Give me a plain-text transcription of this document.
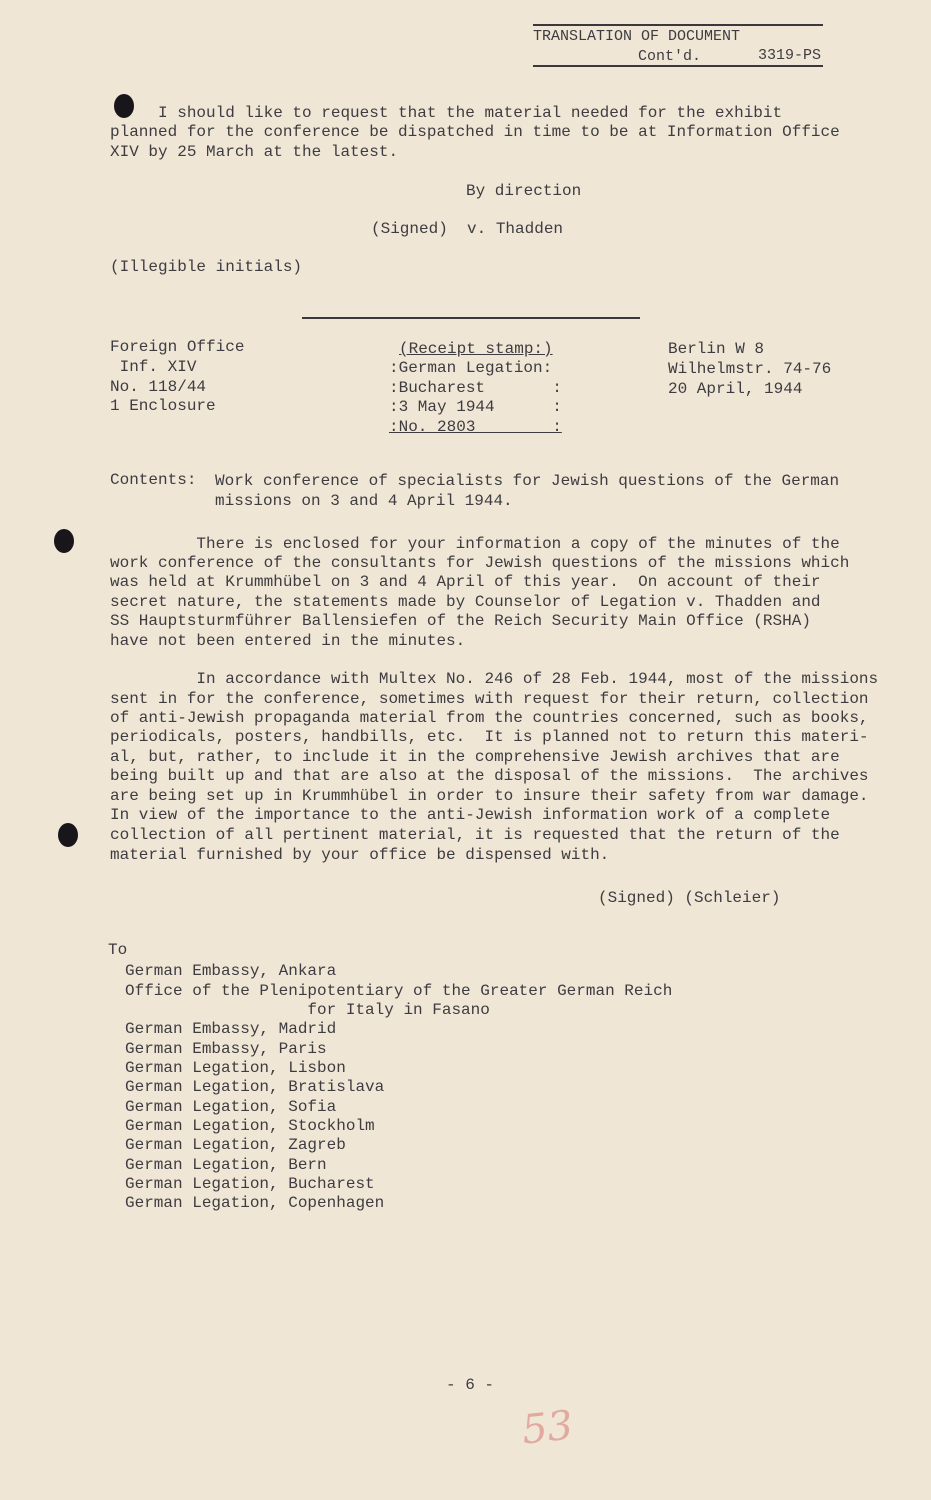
TRANSLATION OF DOCUMENT
Cont'd.	3319-PS
I should like to request that the material needed for the exhibit
planned for the conference be dispatched in time to be at Information Office
XIV by 25 March at the latest.
By direction
(Signed)  v. Thadden
(Illegible initials)
Foreign Office
Inf. XIV
No. 118/44
1 Enclosure
(Receipt stamp:)
:German Legation:
:Bucharest       :
:3 May 1944      :
:No. 2803        :
Berlin W 8
Wilhelmstr. 74-76
20 April, 1944
Contents: Work conference of specialists for Jewish questions of the German
missions on 3 and 4 April 1944.
There is enclosed for your information a copy of the minutes of the
work conference of the consultants for Jewish questions of the missions which
was held at Krummhübel on 3 and 4 April of this year.  On account of their
secret nature, the statements made by Counselor of Legation v. Thadden and
SS Hauptsturmführer Ballensiefen of the Reich Security Main Office (RSHA)
have not been entered in the minutes.
In accordance with Multex No. 246 of 28 Feb. 1944, most of the missions
sent in for the conference, sometimes with request for their return, collection
of anti-Jewish propaganda material from the countries concerned, such as books,
periodicals, posters, handbills, etc.  It is planned not to return this materi-
al, but, rather, to include it in the comprehensive Jewish archives that are
being built up and that are also at the disposal of the missions.  The archives
are being set up in Krummhübel in order to insure their safety from war damage.
In view of the importance to the anti-Jewish information work of a complete
collection of all pertinent material, it is requested that the return of the
material furnished by your office be dispensed with.
(Signed) (Schleier)
To
German Embassy, Ankara
Office of the Plenipotentiary of the Greater German Reich
for Italy in Fasano
German Embassy, Madrid
German Embassy, Paris
German Legation, Lisbon
German Legation, Bratislava
German Legation, Sofia
German Legation, Stockholm
German Legation, Zagreb
German Legation, Bern
German Legation, Bucharest
German Legation, Copenhagen
- 6 -
53
